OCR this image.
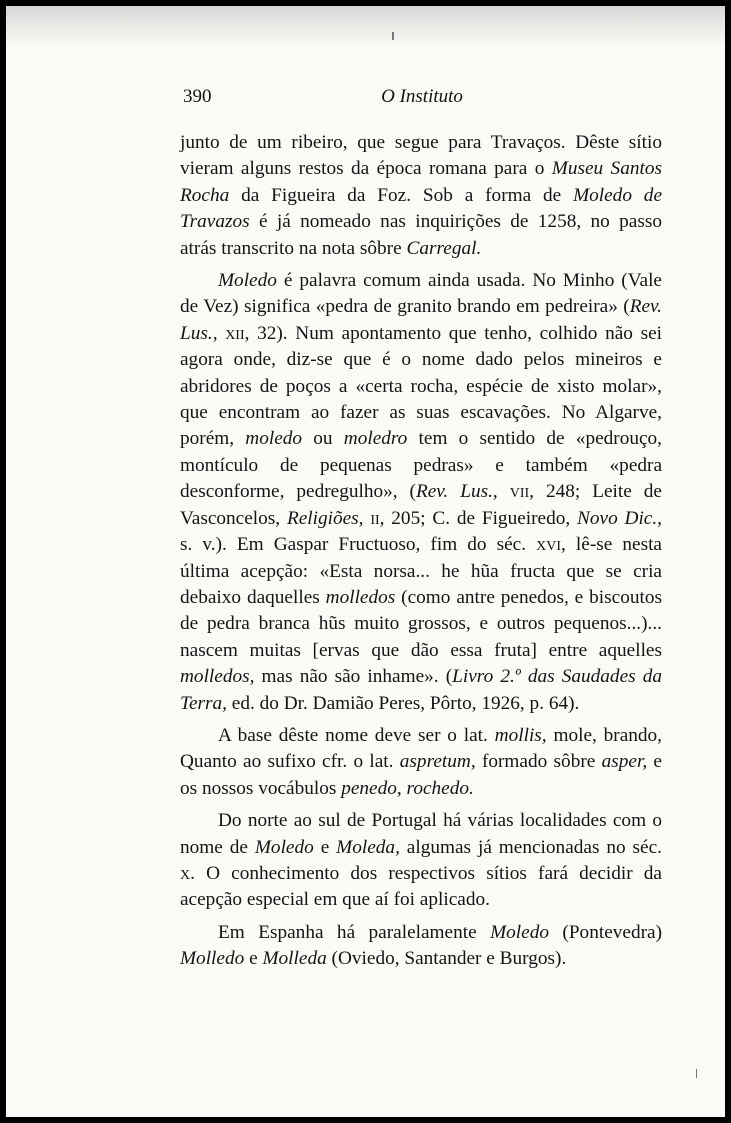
390	O Instituto

junto de um ribeiro, que segue para Travaços. Dêste sítio vieram alguns restos da época romana para o Museu Santos Rocha da Figueira da Foz. Sob a forma de Moledo de Travazos é já nomeado nas inquirições de 1258, no passo atrás transcrito na nota sôbre Carregal.

Moledo é palavra comum ainda usada. No Minho (Vale de Vez) significa «pedra de granito brando em pedreira» (Rev. Lus., xii, 32). Num apontamento que tenho, colhido não sei agora onde, diz-se que é o nome dado pelos mineiros e abridores de poços a «certa rocha, espécie de xisto molar», que encontram ao fazer as suas escavações. No Algarve, porém, moledo ou moledro tem o sentido de «pedrouço, montículo de pequenas pedras» e também «pedra desconforme, pedregulho», (Rev. Lus., vii, 248; Leite de Vasconcelos, Religiões, ii, 205; C. de Figueiredo, Novo Dic., s. v.). Em Gaspar Fructuoso, fim do séc. xvi, lê-se nesta última acepção: «Esta norsa... he hũa fructa que se cria debaixo daquelles molledos (como antre penedos, e biscoutos de pedra branca hũs muito grossos, e outros pequenos...)... nascem muitas [ervas que dão essa fruta] entre aquelles molledos, mas não são inhame». (Livro 2.º das Saudades da Terra, ed. do Dr. Damião Peres, Pôrto, 1926, p. 64).

A base dêste nome deve ser o lat. mollis, mole, brando, Quanto ao sufixo cfr. o lat. aspretum, formado sôbre asper, e os nossos vocábulos penedo, rochedo.

Do norte ao sul de Portugal há várias localidades com o nome de Moledo e Moleda, algumas já mencionadas no séc. x. O conhecimento dos respectivos sítios fará decidir da acepção especial em que aí foi aplicado.

Em Espanha há paralelamente Moledo (Pontevedra) Molledo e Molleda (Oviedo, Santander e Burgos).
